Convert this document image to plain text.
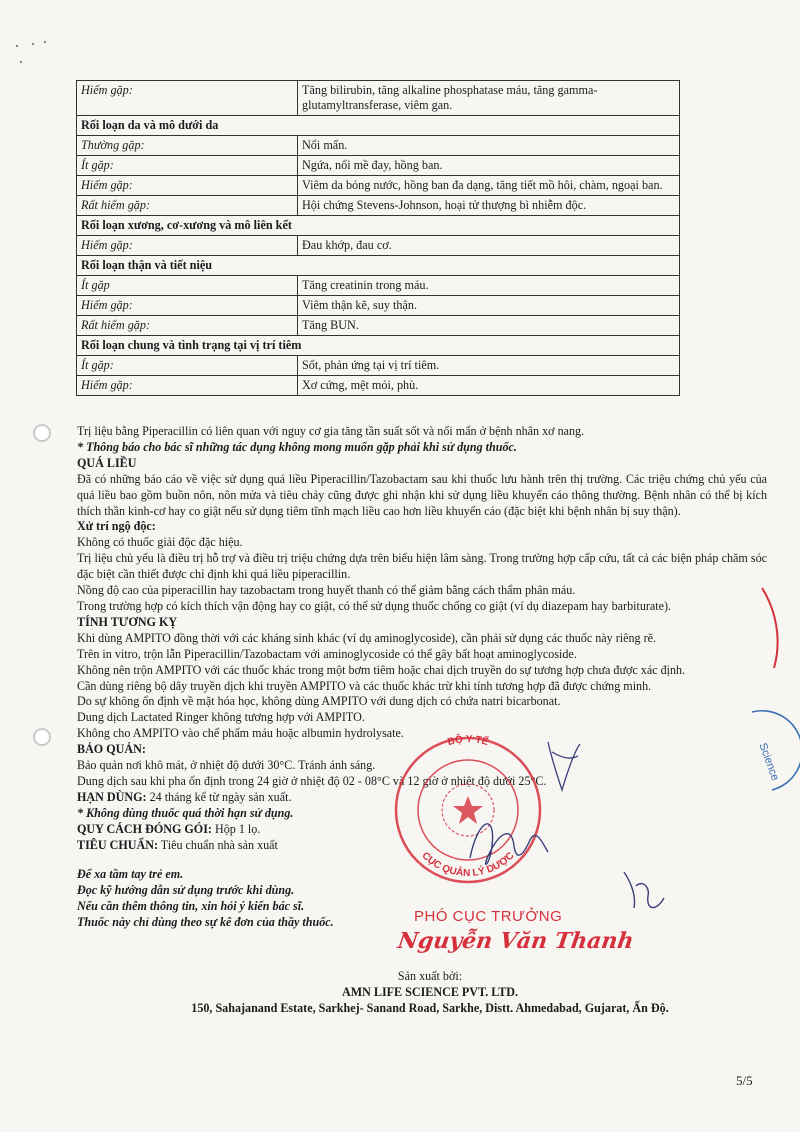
Hiếm gặp:	Tăng bilirubin, tăng alkaline phosphatase máu, tăng gamma-glutamyltransferase, viêm gan.
Rối loạn da và mô dưới da	
Thường gặp:	Nổi mẩn.
Ít gặp:	Ngứa, nổi mề đay, hồng ban.
Hiếm gặp:	Viêm da bóng nước, hồng ban đa dạng, tăng tiết mồ hôi, chàm, ngoại ban.
Rất hiếm gặp:	Hội chứng Stevens-Johnson, hoại tử thượng bì nhiễm độc.
Rối loạn xương, cơ-xương và mô liên kết	
Hiếm gặp:	Đau khớp, đau cơ.
Rối loạn thận và tiết niệu	
Ít gặp	Tăng creatinin trong máu.
Hiếm gặp:	Viêm thận kẽ, suy thận.
Rất hiếm gặp:	Tăng BUN.
Rối loạn chung và tình trạng tại vị trí tiêm	
Ít gặp:	Sốt, phản ứng tại vị trí tiêm.
Hiếm gặp:	Xơ cứng, mệt mỏi, phù.

Trị liệu bằng Piperacillin có liên quan với nguy cơ gia tăng tần suất sốt và nổi mẩn ở bệnh nhân xơ nang.

* Thông báo cho bác sĩ những tác dụng không mong muốn gặp phải khi sử dụng thuốc.

QUÁ LIỀU

Đã có những báo cáo về việc sử dụng quá liều Piperacillin/Tazobactam sau khi thuốc lưu hành trên thị trường. Các triệu chứng chủ yếu của quá liều bao gồm buồn nôn, nôn mửa và tiêu chảy cũng được ghi nhận khi sử dụng liều khuyến cáo thông thường. Bệnh nhân có thể bị kích thích thần kinh-cơ hay co giật nếu sử dụng tiêm tĩnh mạch liều cao hơn liều khuyến cáo (đặc biệt khi bệnh nhân bị suy thận).

Xử trí ngộ độc:

Không có thuốc giải độc đặc hiệu.

Trị liệu chủ yếu là điều trị hỗ trợ và điều trị triệu chứng dựa trên biểu hiện lâm sàng. Trong trường hợp cấp cứu, tất cả các biện pháp chăm sóc đặc biệt cần thiết được chỉ định khi quá liều piperacillin.

Nồng độ cao của piperacillin hay tazobactam trong huyết thanh có thể giảm bằng cách thẩm phân máu.

Trong trường hợp có kích thích vận động hay co giật, có thể sử dụng thuốc chống co giật (ví dụ diazepam hay barbiturate).

TÍNH TƯƠNG KỴ

Khi dùng AMPITO đồng thời với các kháng sinh khác (ví dụ aminoglycoside), cần phải sử dụng các thuốc này riêng rẽ.

Trên in vitro, trộn lẫn Piperacillin/Tazobactam với aminoglycoside có thể gây bất hoạt aminoglycoside.

Không nên trộn AMPITO với các thuốc khác trong một bơm tiêm hoặc chai dịch truyền do sự tương hợp chưa được xác định.

Cần dùng riêng bộ dây truyền dịch khi truyền AMPITO và các thuốc khác trừ khi tính tương hợp đã được chứng minh.

Do sự không ổn định về mặt hóa học, không dùng AMPITO với dung dịch có chứa natri bicarbonat.

Dung dịch Lactated Ringer không tương hợp với AMPITO.

Không cho AMPITO vào chế phẩm máu hoặc albumin hydrolysate.

BẢO QUẢN:

Bảo quản nơi khô mát, ở nhiệt độ dưới 30°C. Tránh ánh sáng.

Dung dịch sau khi pha ổn định trong 24 giờ ở nhiệt độ 02 - 08°C và 12 giờ ở nhiệt độ dưới 25°C.

HẠN DÙNG: 24 tháng kể từ ngày sản xuất.

* Không dùng thuốc quá thời hạn sử dụng.

QUY CÁCH ĐÓNG GÓI: Hộp 1 lọ.

TIÊU CHUẨN: Tiêu chuẩn nhà sản xuất

Để xa tầm tay trẻ em.

Đọc kỹ hướng dẫn sử dụng trước khi dùng.

Nếu cần thêm thông tin, xin hỏi ý kiến bác sĩ.

Thuốc này chỉ dùng theo sự kê đơn của thầy thuốc.

Sản xuất bởi:
AMN LIFE SCIENCE PVT. LTD.
150, Sahajanand Estate, Sarkhej- Sanand Road, Sarkhe, Distt. Ahmedabad, Gujarat, Ấn Độ.
BỘ Y TẾ
CỤC QUẢN LÝ DƯỢC
Science
PHÓ CỤC TRƯỞNG
Nguyễn Văn Thanh
5/5
